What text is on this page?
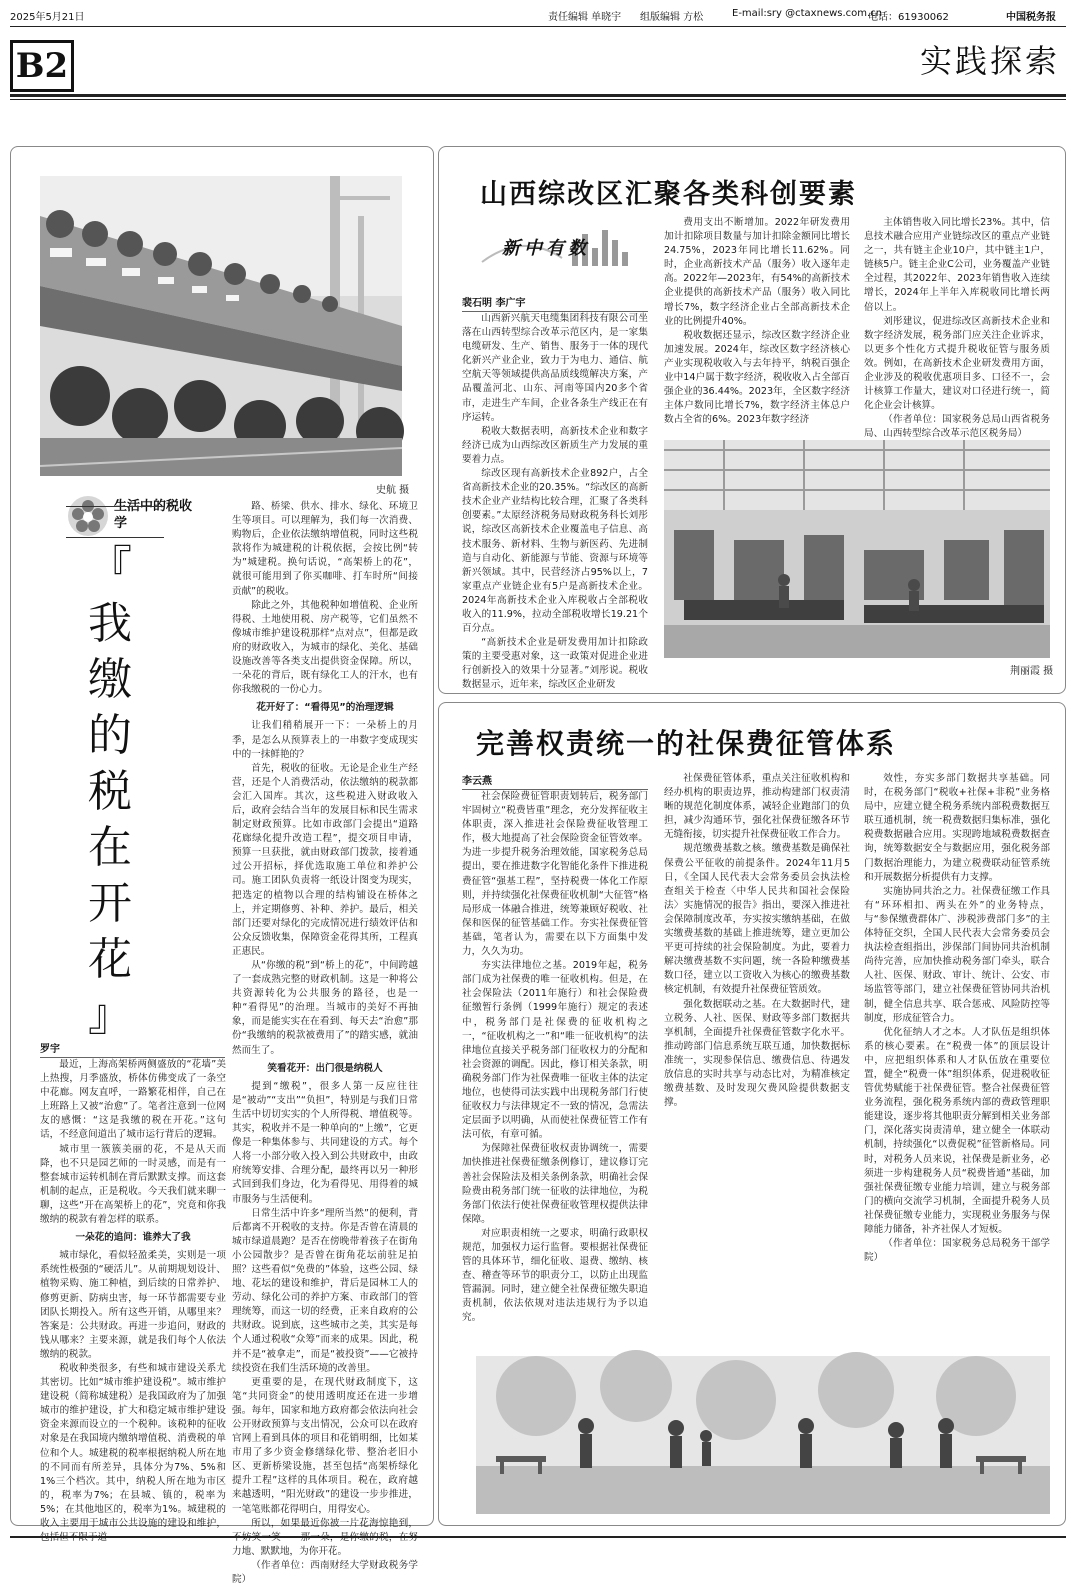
2025年5月21日	责任编辑 单晓宇 组版编辑 方松	E-mail:sry @ctaxnews.com.cn
电话：61930062	中国税务报
B2	实践探索
史航 摄
生活中的税收学
『
我
缴
的
税
在
开
花
』
罗宇

最近，上海高架桥两侧盛放的“花墙”美上热搜，月季盛放，桥体仿佛变成了一条空中花廊。网友直呼，一路繁花相伴，自己在上班路上又被“治愈”了。笔者注意到一位网友的感慨：“这是我缴的税在开花。”这句话，不经意间道出了城市运行背后的逻辑。

城市里一簇簇美丽的花，不是从天而降，也不只是园艺师的一时灵感，而是有一整套城市运转机制在背后默默支撑。而这套机制的起点，正是税收。今天我们就来聊一聊，这些“开在高架桥上的花”，究竟和你我缴纳的税款有着怎样的联系。

一朵花的追问：谁养大了我

城市绿化，看似轻盈柔美，实则是一项系统性极强的“硬活儿”。从前期规划设计、植物采购、施工种植，到后续的日常养护、修剪更新、防病虫害，每一环节都需要专业团队长期投入。所有这些开销，从哪里来？答案是：公共财政。再进一步追问，财政的钱从哪来？主要来源，就是我们每个人依法缴纳的税款。

税收种类很多，有些和城市建设关系尤其密切。比如“城市维护建设税”。城市维护建设税（简称城建税）是我国政府为了加强城市的维护建设，扩大和稳定城市维护建设资金来源而设立的一个税种。该税种的征收对象是在我国境内缴纳增值税、消费税的单位和个人。城建税的税率根据纳税人所在地的不同而有所差异，具体分为7%、5%和1%三个档次。其中，纳税人所在地为市区的，税率为7%；在县城、镇的，税率为5%；在其他地区的，税率为1%。城建税的收入主要用于城市公共设施的建设和维护，

路、桥梁、供水、排水、绿化、环境卫生等项目。可以理解为，我们每一次消费、购物后，企业依法缴纳增值税，同时这些税款将作为城建税的计税依据，会按比例“转为”城建税。换句话说，“高架桥上的花”，就很可能用到了你买咖啡、打车时所“间接贡献”的税收。

除此之外，其他税种如增值税、企业所得税、土地使用税、房产税等，它们虽然不像城市维护建设税那样“点对点”，但都是政府的财政收入，为城市的绿化、美化、基础设施改善等各类支出提供资金保障。所以，一朵花的背后，既有绿化工人的汗水，也有你我缴税的一份心力。

花开好了：“看得见”的治理逻辑

让我们稍稍展开一下：一朵桥上的月季，是怎么从预算表上的一串数字变成现实中的一抹鲜艳的？

首先，税收的征收。无论是企业生产经营，还是个人消费活动，依法缴纳的税款都会汇入国库。其次，这些税进入财政收入后，政府会结合当年的发展目标和民生需求制定财政预算。比如市政部门会提出“道路花廊绿化提升改造工程”，提交项目申请，预算一旦获批，就由财政部门拨款，接着通过公开招标，择优选取施工单位和养护公司。施工团队负责将一纸设计图变为现实，把选定的植物以合理的结构铺设在桥体之上，并定期修剪、补种、养护。最后，相关部门还要对绿化的完成情况进行绩效评估和公众反馈收集，保障资金花得其所，工程真正惠民。

从“你缴的税”到“桥上的花”，中间跨越了一套成熟完整的财政机制。这是一种将公共资源转化为公共服务的路径，也是一种“看得见”的治理。当城市的美好不再抽象，而是能实实在在看到、每天去“治愈”那份“我缴纳的税款被费用了”的踏实感，就油然而生了。

笑看花开：出门很是纳税人

提到“缴税”，很多人第一反应往往是“被动”“支出”“负担”，特别是与我们日常生活中切切实实的个人所得税、增值税等。其实，税收并不是一种单向的“上缴”，它更像是一种集体参与、共同建设的方式。每个人将一小部分收入投入到公共财政中，由政府统筹安排、合理分配，最终再以另一种形式回到我们身边，化为看得见、用得着的城市服务与生活便利。

日常生活中许多“理所当然”的便利，背后都离不开税收的支持。你是否曾在清晨的城市绿道晨跑？是否在傍晚带着孩子在街角小公园散步？是否曾在街角花坛前驻足拍照？这些看似“免费的”体验，这些公园、绿地、花坛的建设和维护，背后是园林工人的劳动、绿化公司的养护方案、市政部门的管理统筹，而这一切的经费，正来自政府的公共财政。说到底，这些城市之美，其实是每个人通过税收“众筹”而来的成果。因此，税并不是“被拿走”，而是“被投资”——它被持续投资在我们生活环境的改善里。

更重要的是，在现代财政制度下，这笔“共同资金”的使用透明度还在进一步增强。每年，国家和地方政府都会依法向社会公开财政预算与支出情况，公众可以在政府官网上看到具体的项目和花销明细，比如某市用了多少资金修缮绿化带、整治老旧小区、更新桥梁设施，甚至包括“高架桥绿化提升工程”这样的具体项目。税在，政府越来越透明，“阳光财政”的建设一步步推进，一笔笔账都花得明白，用得安心。

所以，如果最近你被一片花海惊艳到， 力地、默默地，为你开花。

（作者单位：西南财经大学财政税务学院）

山西综改区汇聚各类科创要素
新中有数
裴石明 李广宇

山西新兴航天电缆集团科技有限公司坐落在山西转型综合改革示范区内，是一家集电缆研发、生产、销售、服务于一体的现代化新兴产业企业，致力于为电力、通信、航空航天等领域提供高品质线缆解决方案，产品覆盖河北、山东、河南等国内20多个省市，走进生产车间，企业各条生产线正在有序运转。

税收大数据表明，高新技术企业和数字经济已成为山西综改区新质生产力发展的重要着力点。

综改区现有高新技术企业892户，占全省高新技术企业的20.35%。“综改区的高新技术企业产业结构比较合理，汇聚了各类科创要素。”太原经济税务局财政税务科长刘彤说，综改区高新技术企业覆盖电子信息、高技术服务、新材料、生物与新医药、先进制造与自动化、新能源与节能、资源与环境等新兴领域。其中，民营经济占95%以上，7家重点产业链企业有5户是高新技术企业。2024年高新技术企业入库税收占全部税收收入的11.9%，拉动全部税收增长19.21个百分点。

“高新技术企业是研发费用加计扣除政策的主要受惠对象，这一政策对促进企业进行创新投入的效果十分显著。”刘彤说。税收数据显示，近年来，综改区企业研发

费用支出不断增加。2022年研发费用加计扣除项目数量与加计扣除金额同比增长24.75%，2023年同比增长11.62%。同时，企业高新技术产品（服务）收入逐年走高。2022年—2023年，有54%的高新技术企业提供的高新技术产品（服务）收入同比增长7%，数字经济企业占全部高新技术企业的比例提升40%。

税收数据还显示，综改区数字经济企业加速发展。2024年，综改区数字经济核心产业实现税收收入与去年持平，纳税百强企业中14户属于数字经济，税收收入占全部百强企业的36.44%。2023年，全区数字经济主体户数同比增长7%，数字经济主体总户数占全省的6%。2023年数字经济

主体销售收入同比增长23%。其中，信息技术融合应用产业链综改区的重点产业链之一，共有链主企业10户，其中链主1户，链核5户。链主企业C公司，业务覆盖产业链全过程，其2022年、2023年销售收入连续增长，2024年上半年入库税收同比增长两倍以上。

刘彤建议，促进综改区高新技术企业和数字经济发展，税务部门应关注企业诉求，以更多个性化方式提升税收征管与服务质效。例如，在高新技术企业研发费用方面，企业涉及的税收优惠项目多、口径不一，会计核算工作量大，建议对口径进行统一，简化企业会计核算。

（作者单位：国家税务总局山西省税务局、山西转型综合改革示范区税务局）

荆丽霞 摄
完善权责统一的社保费征管体系
李云燕

社会保险费征管职责划转后，税务部门牢固树立“税费皆重”理念，充分发挥征收主体职责，深入推进社会保险费征收管理工作，极大地提高了社会保险资金征管效率。为进一步提升税务治理效能，国家税务总局提出，要在推进数字化智能化条件下推进税费征管“强基工程”，坚持税费一体化工作原则，并持续强化社保费征收机制“大征管”格局形成一体融合推进，统筹兼顾好税收、社保和医保的征管基础工作。夯实社保费征管基础，笔者认为，需要在以下方面集中发力，久久为功。

夯实法律地位之基。2019年起，税务部门成为社保费的唯一征收机构。但是，在社会保险法（2011年施行）和社会保险费征缴暂行条例（1999年施行）规定的表述中，税务部门是社保费的征收机构之一，“征收机构之一”和“唯一征收机构”的法律地位直接关乎税务部门征收权力的分配和社会资源的调配。因此，修订相关条款，明确税务部门作为社保费唯一征收主体的法定地位，也使得司法实践中出现税务部门行使征收权力与法律规定不一致的情况，急需法定层面予以明确，从而使社保费征管工作有法可依，有章可循。

为保障社保费征收权责协调统一，需要加快推进社保费征缴条例修订，建议修订完善社会保险法及相关条例条款，明确社会保险费由税务部门统一征收的法律地位，为税务部门依法行使社保费征收管理权提供法律保障。

对应职责相统一之要求，明确行政职权规范，加强权力运行监督。要根据社保费征管的具体环节，细化征收、退费、缴纳、核查、稽查等环节的职责分工，以防止出现监管漏洞。同时，建立健全社保费征缴失职追责机制，依法依规对违法违规行为予以追究。

社保费征管体系，重点关注征收机构和经办机构的职责边界，推动构建部门权责清晰的规范化制度体系，减轻企业跑部门的负担，减少沟通环节，强化社保费征缴各环节无缝衔接，切实提升社保费征收工作合力。

规范缴费基数之核。缴费基数是确保社保费公平征收的前提条件。2024年11月5日，《全国人民代表大会常务委员会执法检查组关于检查〈中华人民共和国社会保险法〉实施情况的报告》指出，要深入推进社会保障制度改革，夯实按实缴纳基础，在做实缴费基数的基础上推进统筹，建立更加公平更可持续的社会保险制度。为此，要着力解决缴费基数不实问题，统一各险种缴费基数口径，建立以工资收入为核心的缴费基数核定机制，有效提升社保费征管质效。

强化数据联动之基。在大数据时代，建立税务、人社、医保、财政等多部门数据共享机制，全面提升社保费征管数字化水平。推动跨部门信息系统互联互通，加快数据标准统一，实现参保信息、缴费信息、待遇发放信息的实时共享与动态比对，为精准核定缴费基数、及时发现欠费风险提供数据支撑。

效性，夯实多部门数据共享基础。同时，在税务部门“税收+社保+非税”业务格局中，应建立健全税务系统内部税费数据互联互通机制，统一税费数据归集标准，强化税费数据融合应用。实现跨地域税费数据查询，统筹数据安全与数据应用，强化税务部门数据治理能力，为建立税费联动征管系统和开展数据分析提供有力支撑。

实施协同共治之力。社保费征缴工作具有“环环相扣、两头在外”的业务特点，与“参保缴费群体广、涉税涉费部门多”的主体特征交织，全国人民代表大会常务委员会执法检查组指出，涉保部门间协同共治机制尚待完善，应加快推动税务部门牵头，联合人社、医保、财政、审计、统计、公安、市场监管等部门，建立社保费征管协同共治机制，健全信息共享、联合惩戒、风险防控等制度，形成征管合力。

优化征纳人才之本。人才队伍是组织体系的核心要素。在“税费一体”的顶层设计中，应把组织体系和人才队伍放在重要位置，健全“税费一体”组织体系，促进税收征管优势赋能于社保费征管。整合社保费征管业务流程，强化税务系统内部的费政管理职能建设，逐步将其他职责分解到相关业务部门，深化落实岗责清单，建立健全一体联动机制，持续强化“以费促税”征管新格局。同时，对税务人员来说，社保费是新业务，必须进一步构建税务人员“税费皆通”基础，加强社保费征缴专业能力培训，建立与税务部门的横向交流学习机制，全面提升税务人员社保费征缴专业能力，实现税业务服务与保障能力储备，补齐社保人才短板。

（作者单位：国家税务总局税务干部学院）
